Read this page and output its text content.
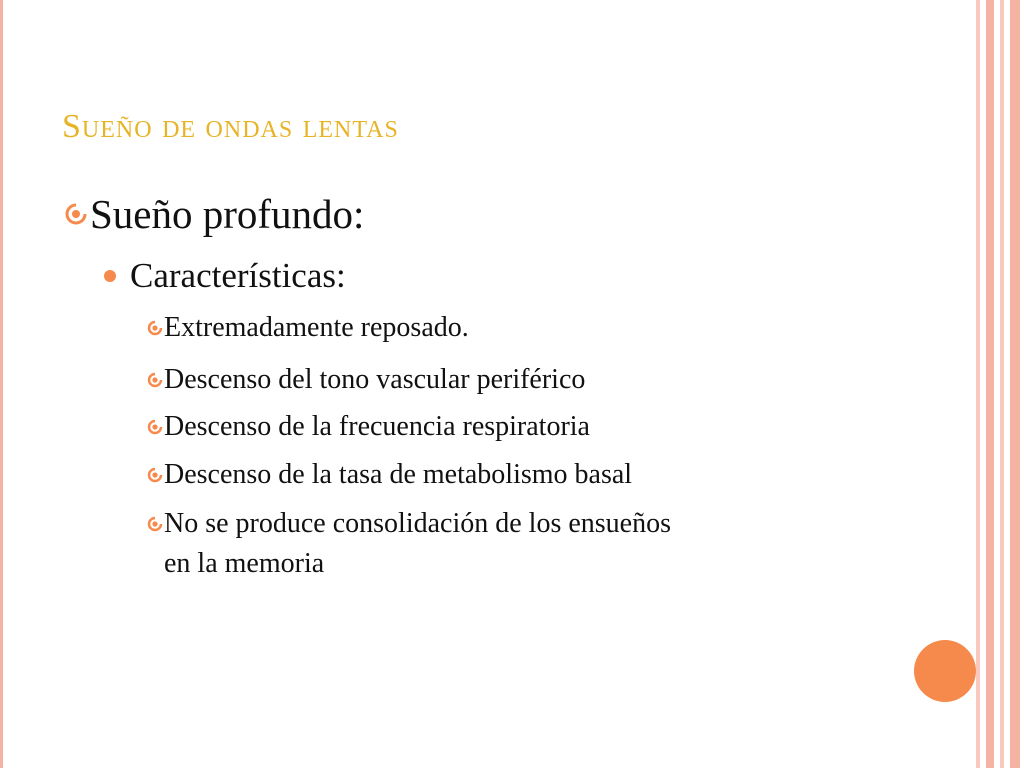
Sueño de ondas lentas
Sueño profundo:
Características:
Extremadamente reposado.
Descenso del tono vascular periférico
Descenso de la frecuencia respiratoria
Descenso de la tasa de metabolismo basal
No se produce consolidación de los ensueños
en la memoria
